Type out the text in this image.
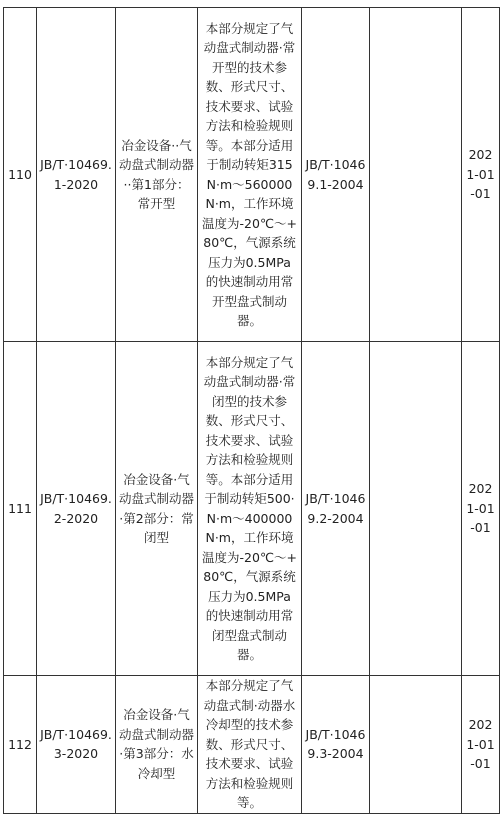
110	JB/T·10469.1-2020	冶金设备··气动盘式制动器··第1部分：常开型	本部分规定了气动盘式制动器·常开型的技术参数、形式尺寸、技术要求、试验方法和检验规则等。本部分适用于制动转矩315N·m～560000N·m，工作环境温度为-20℃～+80℃，气源系统压力为0.5MPa的快速制动用常开型盘式制动器。	JB/T·10469.1-2004		2021-01-01
111	JB/T·10469.2-2020	冶金设备·气动盘式制动器·第2部分：常闭型	本部分规定了气动盘式制动器·常闭型的技术参数、形式尺寸、技术要求、试验方法和检验规则等。本部分适用于制动转矩500·N·m～400000N·m，工作环境温度为-20℃～+80℃，气源系统压力为0.5MPa的快速制动用常闭型盘式制动器。	JB/T·10469.2-2004		2021-01-01
112	JB/T·10469.3-2020	冶金设备·气动盘式制动器·第3部分：水冷却型	本部分规定了气动盘式制·动器水冷却型的技术参数、形式尺寸、技术要求、试验方法和检验规则等。	JB/T·10469.3-2004		2021-01-01
